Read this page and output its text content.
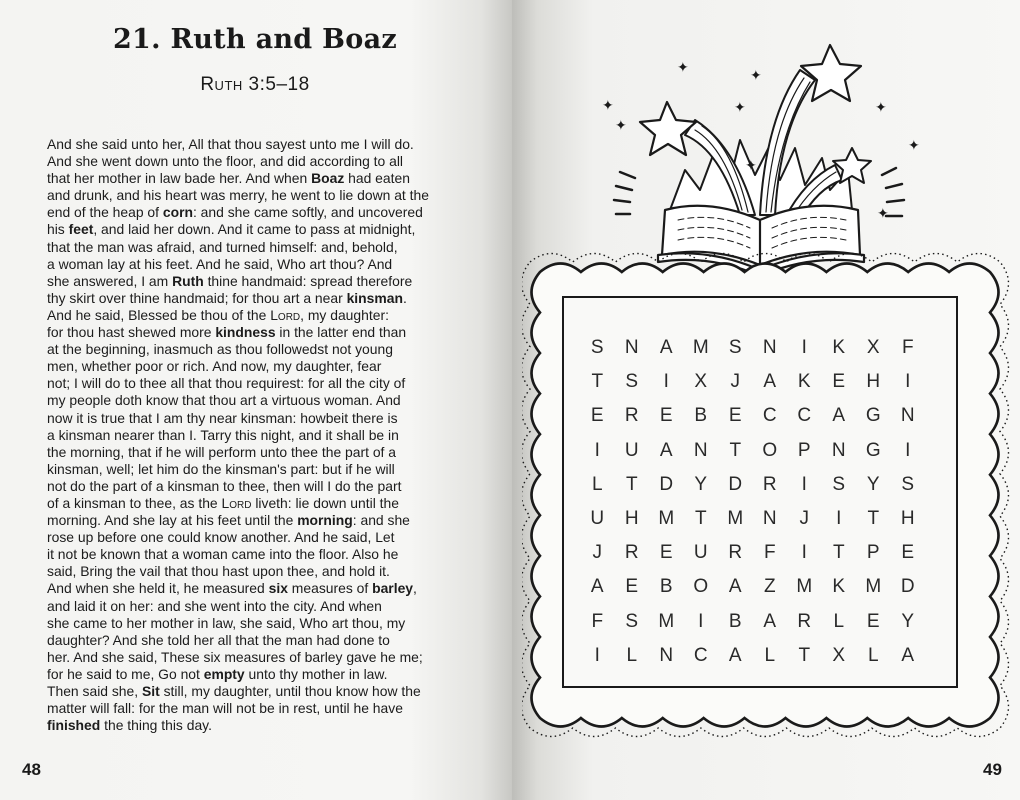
21. Ruth and Boaz
Ruth 3:5–18

And she said unto her, All that thou sayest unto me I will do.
And she went down unto the floor, and did according to all
that her mother in law bade her. And when Boaz had eaten
and drunk, and his heart was merry, he went to lie down at the
end of the heap of corn: and she came softly, and uncovered
his feet, and laid her down. And it came to pass at midnight,
that the man was afraid, and turned himself: and, behold,
a woman lay at his feet. And he said, Who art thou? And
she answered, I am Ruth thine handmaid: spread therefore
thy skirt over thine handmaid; for thou art a near kinsman.
And he said, Blessed be thou of the Lord, my daughter:
for thou hast shewed more kindness in the latter end than
at the beginning, inasmuch as thou followedst not young
men, whether poor or rich. And now, my daughter, fear
not; I will do to thee all that thou requirest: for all the city of
my people doth know that thou art a virtuous woman. And
now it is true that I am thy near kinsman: howbeit there is
a kinsman nearer than I. Tarry this night, and it shall be in
the morning, that if he will perform unto thee the part of a
kinsman, well; let him do the kinsman's part: but if he will
not do the part of a kinsman to thee, then will I do the part
of a kinsman to thee, as the Lord liveth: lie down until the
morning. And she lay at his feet until the morning: and she
rose up before one could know another. And he said, Let
it not be known that a woman came into the floor. Also he
said, Bring the vail that thou hast upon thee, and hold it.
And when she held it, he measured six measures of barley,
and laid it on her: and she went into the city. And when
she came to her mother in law, she said, Who art thou, my
daughter? And she told her all that the man had done to
her. And she said, These six measures of barley gave he me;
for he said to me, Go not empty unto thy mother in law.
Then said she, Sit still, my daughter, until thou know how the
matter will fall: for the man will not be in rest, until he have
finished the thing this day.

48
✦	✦
✦
✦
✦
✦
✦
✦
✦
S	N	A	M	S	N	I	K	X	F
T	S	I	X	J	A	K	E	H	I
E	R	E	B	E	C	C	A	G	N
I	U	A	N	T	O	P	N	G	I
L	T	D	Y	D	R	I	S	Y	S
U	H	M	T	M	N	J	I	T	H
J	R	E	U	R	F	I	T	P	E
A	E	B	O	A	Z	M	K	M	D
F	S	M	I	B	A	R	L	E	Y
I	L	N	C	A	L	T	X	L	A
49
